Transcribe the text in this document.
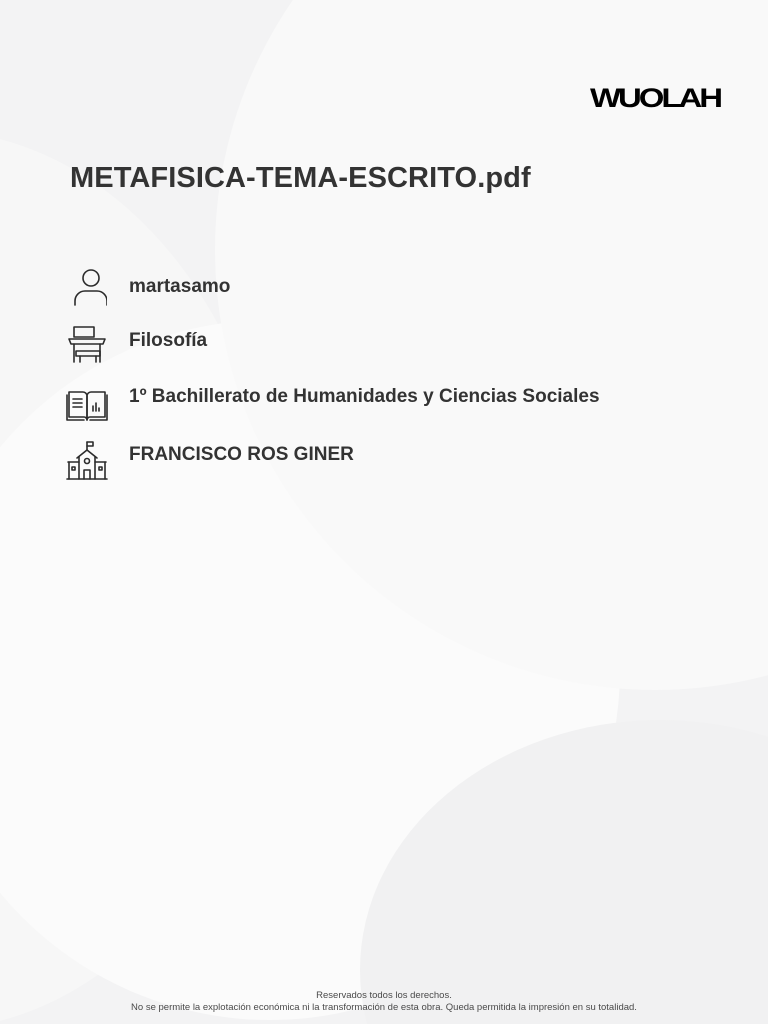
WUOLAH
METAFISICA-TEMA-ESCRITO.pdf
martasamo
Filosofía
1º Bachillerato de Humanidades y Ciencias Sociales
FRANCISCO ROS GINER
Reservados todos los derechos.
No se permite la explotación económica ni la transformación de esta obra. Queda permitida la impresión en su totalidad.
